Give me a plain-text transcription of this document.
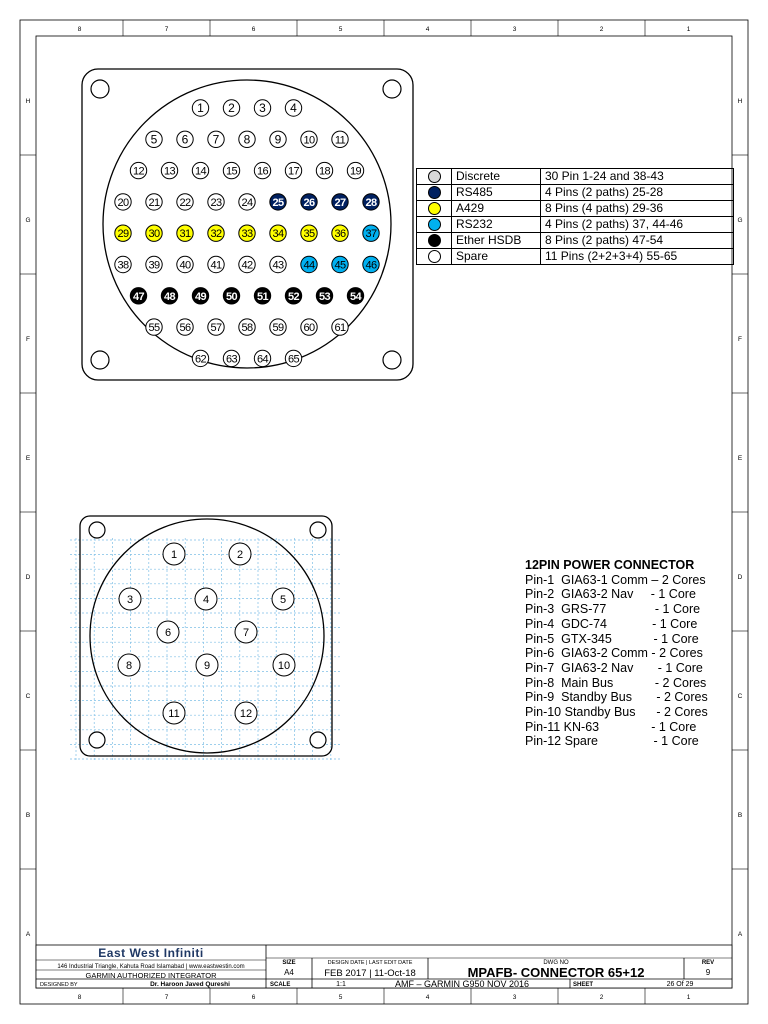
8	7	6	5	4	3	2	1
8	7	6	5	4	3	2	1
H
G
F
E
D
C
B
A
H
G
F
E
D
C
B
A
1 2 3 4
5 6 7 8 9 10 11
12 13 14 15 16 17 18 19
20 21 22 23 24 25 26 27 28
29 30 31 32 33 34 35 36 37
38 39 40 41 42 43 44 45 46
47 48 49 50 51 52 53 54
55 56 57 58 59 60 61
62 63 64 65
1	2
3	4	5
6	7
8	9	10
11	12
East West Infiniti
146 Industrial Triangle, Kahuta Road Islamabad | www.eastwestin.com
GARMIN AUTHORIZED INTEGRATOR
DESIGNED BY	Dr. Haroon Javed Qureshi
SIZE
A4
DESIGN DATE | LAST EDIT DATE
FEB 2017 | 11-Oct-18
DWG NO
MPAFB- CONNECTOR 65+12
REV
9
SCALE	1:1	AMF – GARMIN G950 NOV 2016	SHEET	26 Of 29
	Discrete	30 Pin 1-24 and 38-43
	RS485	4 Pins (2 paths) 25-28
	A429	8 Pins (4 paths) 29-36
	RS232	4 Pins (2 paths) 37, 44-46
	Ether HSDB	8 Pins (2 paths) 47-54
	Spare	11 Pins (2+2+3+4) 55-65
12PIN POWER CONNECTOR
Pin-1  GIA63-1 Comm – 2 Cores
Pin-2  GIA63-2 Nav     - 1 Core
Pin-3  GRS-77              - 1 Core
Pin-4  GDC-74             - 1 Core
Pin-5  GTX-345            - 1 Core
Pin-6  GIA63-2 Comm - 2 Cores
Pin-7  GIA63-2 Nav       - 1 Core
Pin-8  Main Bus            - 2 Cores
Pin-9  Standby Bus       - 2 Cores
Pin-10 Standby Bus      - 2 Cores
Pin-11 KN-63               - 1 Core
Pin-12 Spare                - 1 Core
